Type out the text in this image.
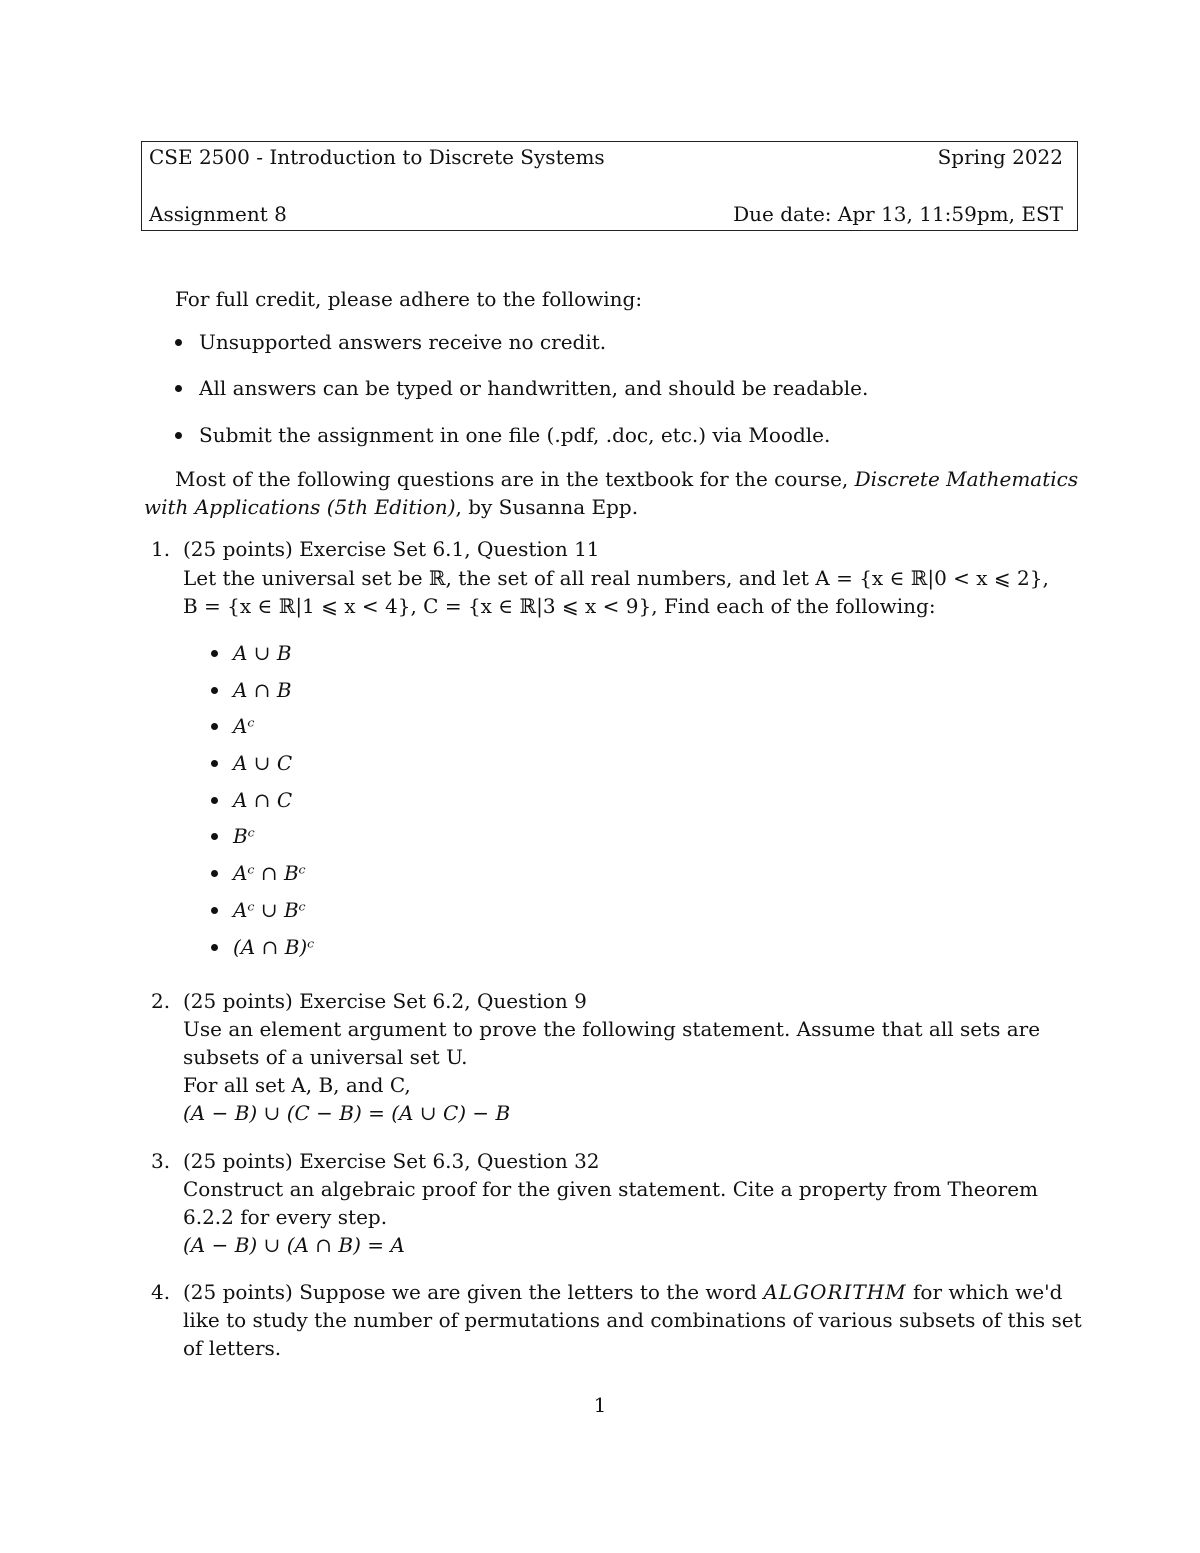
CSE 2500 - Introduction to Discrete Systems	Spring 2022
Assignment 8	Due date: Apr 13, 11:59pm, EST
For full credit, please adhere to the following:
Unsupported answers receive no credit.
All answers can be typed or handwritten, and should be readable.
Submit the assignment in one file (.pdf, .doc, etc.) via Moodle.
Most of the following questions are in the textbook for the course, Discrete Mathematics
with Applications (5th Edition), by Susanna Epp.
1. (25 points) Exercise Set 6.1, Question 11
Let the universal set be ℝ, the set of all real numbers, and let A = {x ∈ ℝ|0 < x ⩽ 2},
B = {x ∈ ℝ|1 ⩽ x < 4}, C = {x ∈ ℝ|3 ⩽ x < 9}, Find each of the following:
A ∪ B
A ∩ B
Aᶜ
A ∪ C
A ∩ C
Bᶜ
Aᶜ ∩ Bᶜ
Aᶜ ∪ Bᶜ
(A ∩ B)ᶜ
2. (25 points) Exercise Set 6.2, Question 9
Use an element argument to prove the following statement. Assume that all sets are
subsets of a universal set U.
For all set A, B, and C,
(A − B) ∪ (C − B) = (A ∪ C) − B
3. (25 points) Exercise Set 6.3, Question 32
Construct an algebraic proof for the given statement. Cite a property from Theorem
6.2.2 for every step.
(A − B) ∪ (A ∩ B) = A
4. (25 points) Suppose we are given the letters to the word ALGORITHM for which we'd
like to study the number of permutations and combinations of various subsets of this set
of letters.
1
